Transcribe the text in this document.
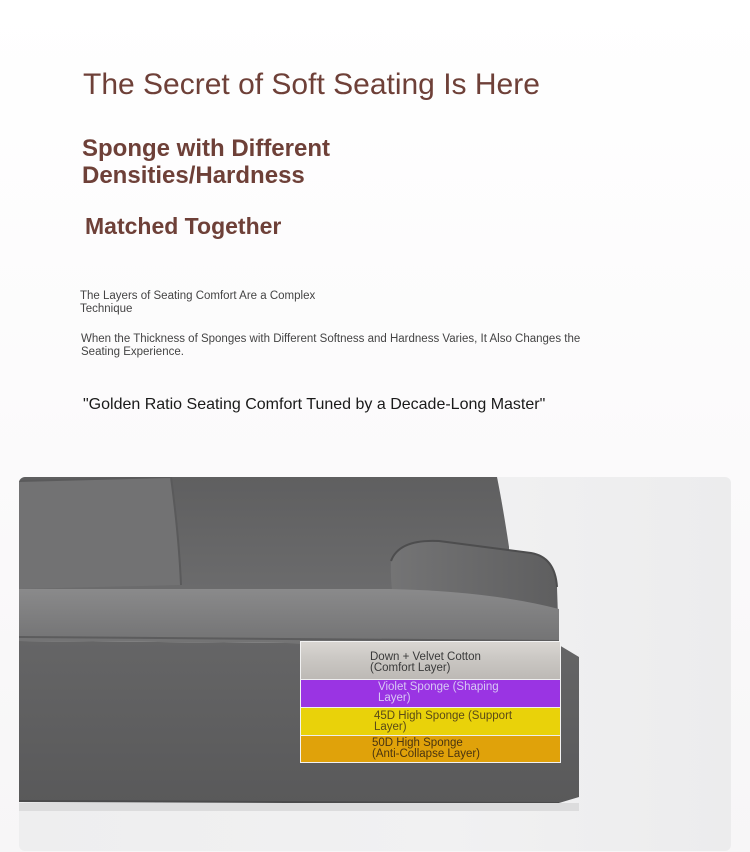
The Secret of Soft Seating Is Here
Sponge with Different Densities/Hardness
Matched Together
The Layers of Seating Comfort Are a Complex Technique
When the Thickness of Sponges with Different Softness and Hardness Varies, It Also Changes the Seating Experience.
"Golden Ratio Seating Comfort Tuned by a Decade-Long Master"
Down + Velvet Cotton
(Comfort Layer)
Violet Sponge (Shaping
Layer)
45D High Sponge (Support
Layer)
50D High Sponge
(Anti-Collapse Layer)
